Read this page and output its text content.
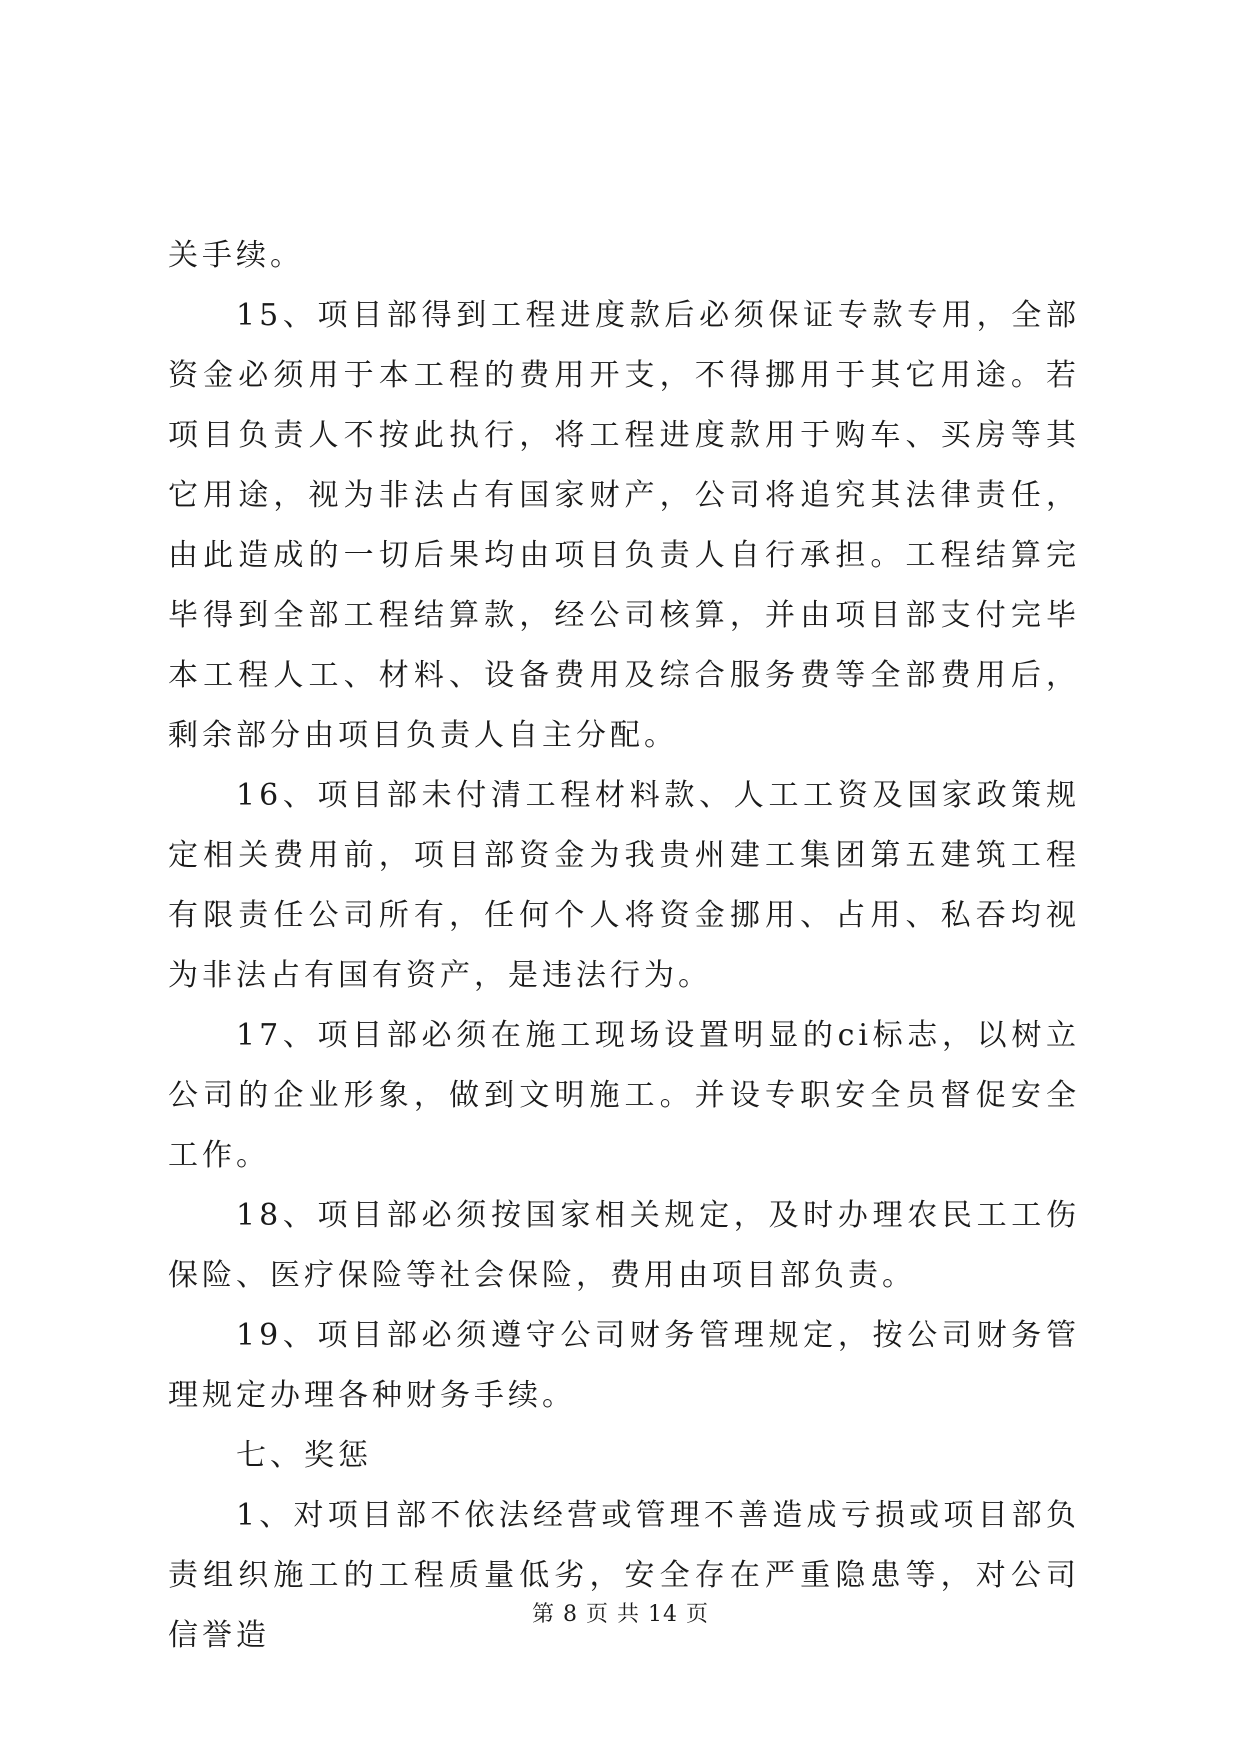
关手续。

15、项目部得到工程进度款后必须保证专款专用，全部资金必须用于本工程的费用开支，不得挪用于其它用途。若项目负责人不按此执行，将工程进度款用于购车、买房等其它用途，视为非法占有国家财产，公司将追究其法律责任，由此造成的一切后果均由项目负责人自行承担。工程结算完毕得到全部工程结算款，经公司核算，并由项目部支付完毕本工程人工、材料、设备费用及综合服务费等全部费用后，剩余部分由项目负责人自主分配。

16、项目部未付清工程材料款、人工工资及国家政策规定相关费用前，项目部资金为我贵州建工集团第五建筑工程有限责任公司所有，任何个人将资金挪用、占用、私吞均视为非法占有国有资产，是违法行为。

17、项目部必须在施工现场设置明显的ci标志，以树立公司的企业形象，做到文明施工。并设专职安全员督促安全工作。

18、项目部必须按国家相关规定，及时办理农民工工伤保险、医疗保险等社会保险，费用由项目部负责。

19、项目部必须遵守公司财务管理规定，按公司财务管理规定办理各种财务手续。

七、奖惩

1、对项目部不依法经营或管理不善造成亏损或项目部负责组织施工的工程质量低劣，安全存在严重隐患等，对公司信誉造

第 8 页 共 14 页
